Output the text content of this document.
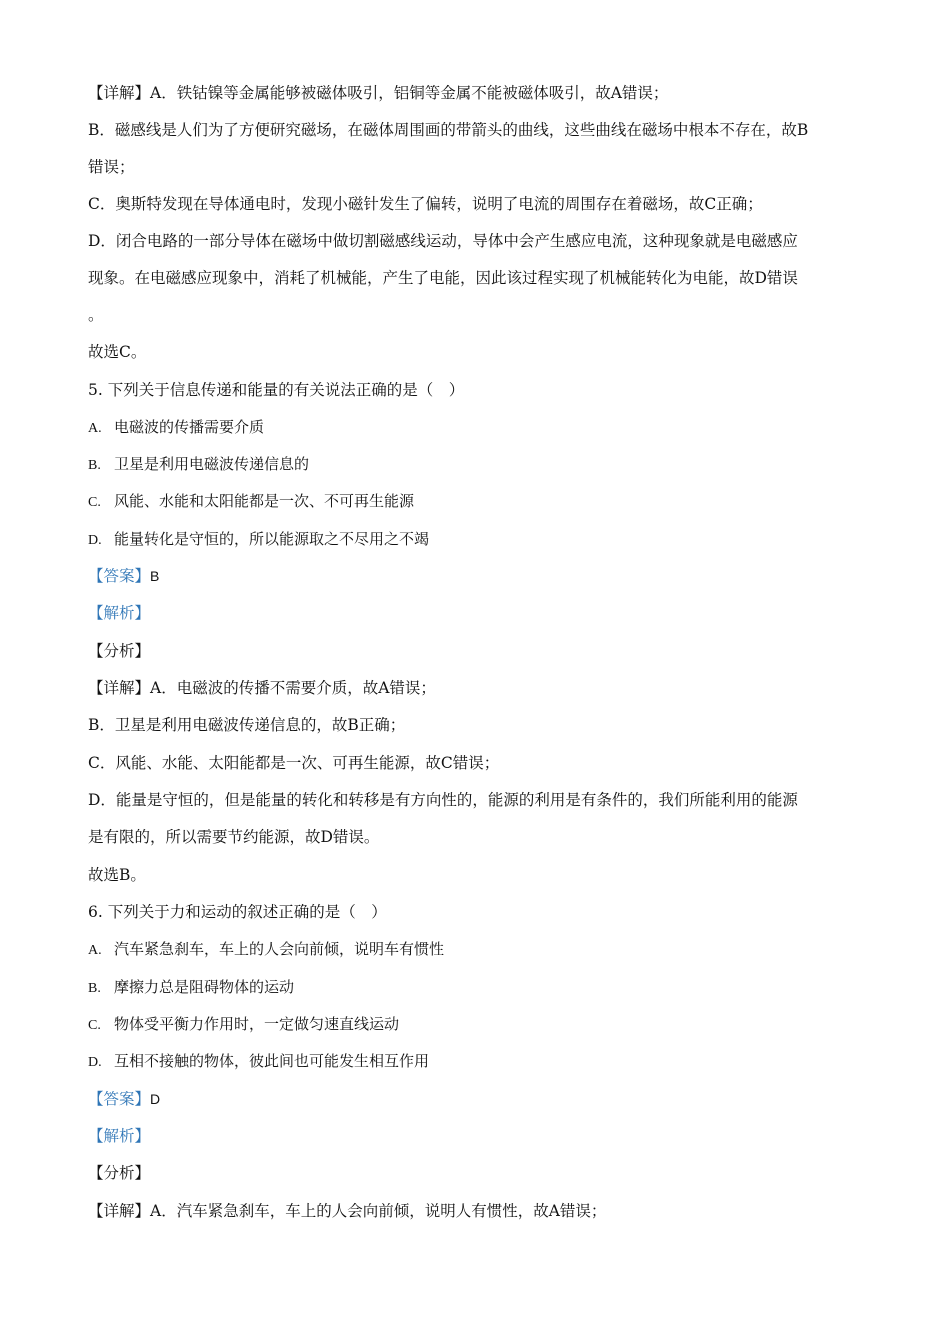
【详解】A．铁钴镍等金属能够被磁体吸引，铝铜等金属不能被磁体吸引，故A错误；
B．磁感线是人们为了方便研究磁场，在磁体周围画的带箭头的曲线，这些曲线在磁场中根本不存在，故B
错误；
C．奥斯特发现在导体通电时，发现小磁针发生了偏转，说明了电流的周围存在着磁场，故C正确；
D．闭合电路的一部分导体在磁场中做切割磁感线运动，导体中会产生感应电流，这种现象就是电磁感应
现象。在电磁感应现象中，消耗了机械能，产生了电能，因此该过程实现了机械能转化为电能，故D错误
。
故选C。
5. 下列关于信息传递和能量的有关说法正确的是（　）
A. 电磁波的传播需要介质
B. 卫星是利用电磁波传递信息的
C. 风能、水能和太阳能都是一次、不可再生能源
D. 能量转化是守恒的，所以能源取之不尽用之不竭
【答案】B
【解析】
【分析】
【详解】A．电磁波的传播不需要介质，故A错误；
B．卫星是利用电磁波传递信息的，故B正确；
C．风能、水能、太阳能都是一次、可再生能源，故C错误；
D．能量是守恒的，但是能量的转化和转移是有方向性的，能源的利用是有条件的，我们所能利用的能源
是有限的，所以需要节约能源，故D错误。
故选B。
6. 下列关于力和运动的叙述正确的是（　）
A. 汽车紧急刹车，车上的人会向前倾，说明车有惯性
B. 摩擦力总是阻碍物体的运动
C. 物体受平衡力作用时，一定做匀速直线运动
D. 互相不接触的物体，彼此间也可能发生相互作用
【答案】D
【解析】
【分析】
【详解】A．汽车紧急刹车，车上的人会向前倾，说明人有惯性，故A错误；
